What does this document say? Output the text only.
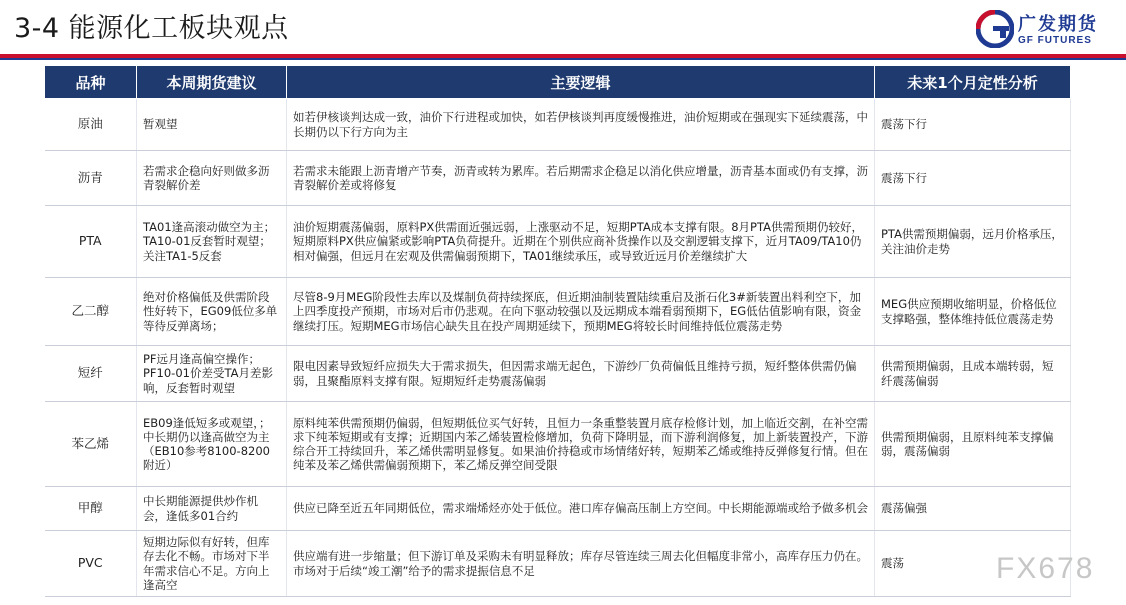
3-4 能源化工板块观点	广发期货
GF FUTURES
品种	本周期货建议	主要逻辑	未来1个月定性分析
原油	暂观望	如若伊核谈判达成一致，油价下行进程或加快，如若伊核谈判再度缓慢推进，油价短期或在强现实下延续震荡，中长期仍以下行方向为主	震荡下行
沥青	若需求企稳向好则做多沥青裂解价差	若需求未能跟上沥青增产节奏，沥青或转为累库。若后期需求企稳足以消化供应增量，沥青基本面或仍有支撑，沥青裂解价差或将修复	震荡下行
PTA	TA01逢高滚动做空为主；TA10-01反套暂时观望；关注TA1-5反套	油价短期震荡偏弱，原料PX供需面近强远弱，上涨驱动不足，短期PTA成本支撑有限。8月PTA供需预期仍较好，短期原料PX供应偏紧或影响PTA负荷提升。近期在个别供应商补货操作以及交割逻辑支撑下，近月TA09/TA10仍相对偏强，但远月在宏观及供需偏弱预期下，TA01继续承压，或导致近远月价差继续扩大	PTA供需预期偏弱，远月价格承压，关注油价走势
乙二醇	绝对价格偏低及供需阶段性好转下，EG09低位多单等待反弹离场；	尽管8-9月MEG阶段性去库以及煤制负荷持续探底，但近期油制装置陆续重启及浙石化3#新装置出料利空下，加上四季度投产预期，市场对后市仍悲观。在向下驱动较强以及远期成本端看弱预期下，EG低估值影响有限，资金继续打压。短期MEG市场信心缺失且在投产周期延续下，预期MEG将较长时间维持低位震荡走势	MEG供应预期收缩明显，价格低位支撑略强，整体维持低位震荡走势
短纤	PF远月逢高偏空操作；PF10-01价差受TA月差影响，反套暂时观望	限电因素导致短纤应损失大于需求损失，但因需求端无起色，下游纱厂负荷偏低且维持亏损，短纤整体供需仍偏弱，且聚酯原料支撑有限。短期短纤走势震荡偏弱	供需预期偏弱，且成本端转弱，短纤震荡偏弱
苯乙烯	EB09逢低短多或观望，；中长期仍以逢高做空为主（EB10参考8100-8200附近）	原料纯苯供需预期仍偏弱，但短期低位买气好转，且恒力一条重整装置月底存检修计划，加上临近交割，在补空需求下纯苯短期或有支撑；近期国内苯乙烯装置检修增加，负荷下降明显，而下游利润修复，加上新装置投产，下游综合开工持续回升，苯乙烯供需明显修复。如果油价持稳或市场情绪好转，短期苯乙烯或维持反弹修复行情。但在纯苯及苯乙烯供需偏弱预期下，苯乙烯反弹空间受限	供需预期偏弱，且原料纯苯支撑偏弱，震荡偏弱
甲醇	中长期能源提供炒作机会，逢低多01合约	供应已降至近五年同期低位，需求端烯烃亦处于低位。港口库存偏高压制上方空间。中长期能源端或给予做多机会	震荡偏强
PVC	短期边际似有好转，但库存去化不畅。市场对下半年需求信心不足。方向上逢高空	供应端有进一步缩量；但下游订单及采购未有明显释放；库存尽管连续三周去化但幅度非常小，高库存压力仍在。市场对于后续“竣工潮”给予的需求提振信息不足	震荡	FX678
